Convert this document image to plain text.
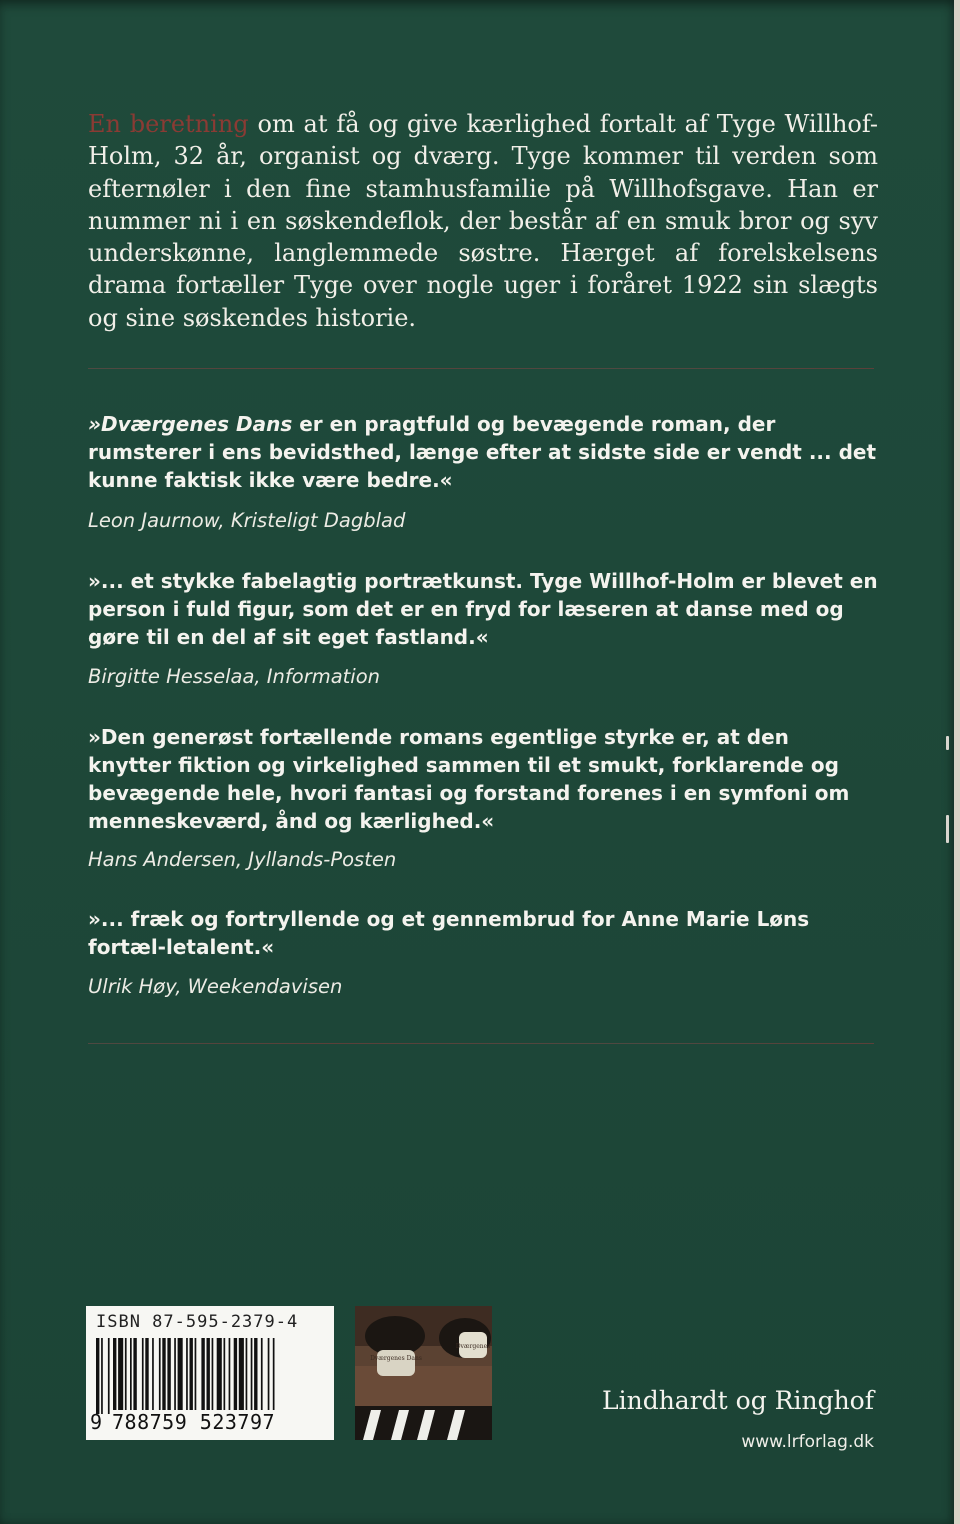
En beretning om at få og give kærlighed fortalt af Tyge Willhof-Holm, 32 år, organist og dværg. Tyge kommer til verden som efternøler i den fine stamhusfamilie på Willhofsgave. Han er nummer ni i en søskendeflok, der består af en smuk bror og syv underskønne, langlemmede søstre. Hærget af forelskelsens drama fortæller Tyge over nogle uger i foråret 1922 sin slægts og sine søskendes historie.

»Dværgenes Dans er en pragtfuld og bevægende roman, der rumsterer i ens bevidsthed, længe efter at sidste side er vendt ... det kunne faktisk ikke være bedre.«

Leon Jaurnow, Kristeligt Dagblad

»... et stykke fabelagtig portrætkunst. Tyge Willhof-Holm er blevet en person i fuld figur, som det er en fryd for læseren at danse med og gøre til en del af sit eget fastland.«

Birgitte Hesselaa, Information

»Den generøst fortællende romans egentlige styrke er, at den knytter fiktion og virkelighed sammen til et smukt, forklarende og bevægende hele, hvori fantasi og forstand forenes i en symfoni om menneskeværd, ånd og kærlighed.«

Hans Andersen, Jyllands-Posten

»... fræk og fortryllende og et gennembrud for Anne Marie Løns fortæl-letalent.«

Ulrik Høy, Weekendavisen

ISBN 87-595-2379-4

9 788759 523797
Dværgenes Dans
Dværgenes

Lindhardt og Ringhof

www.lrforlag.dk
